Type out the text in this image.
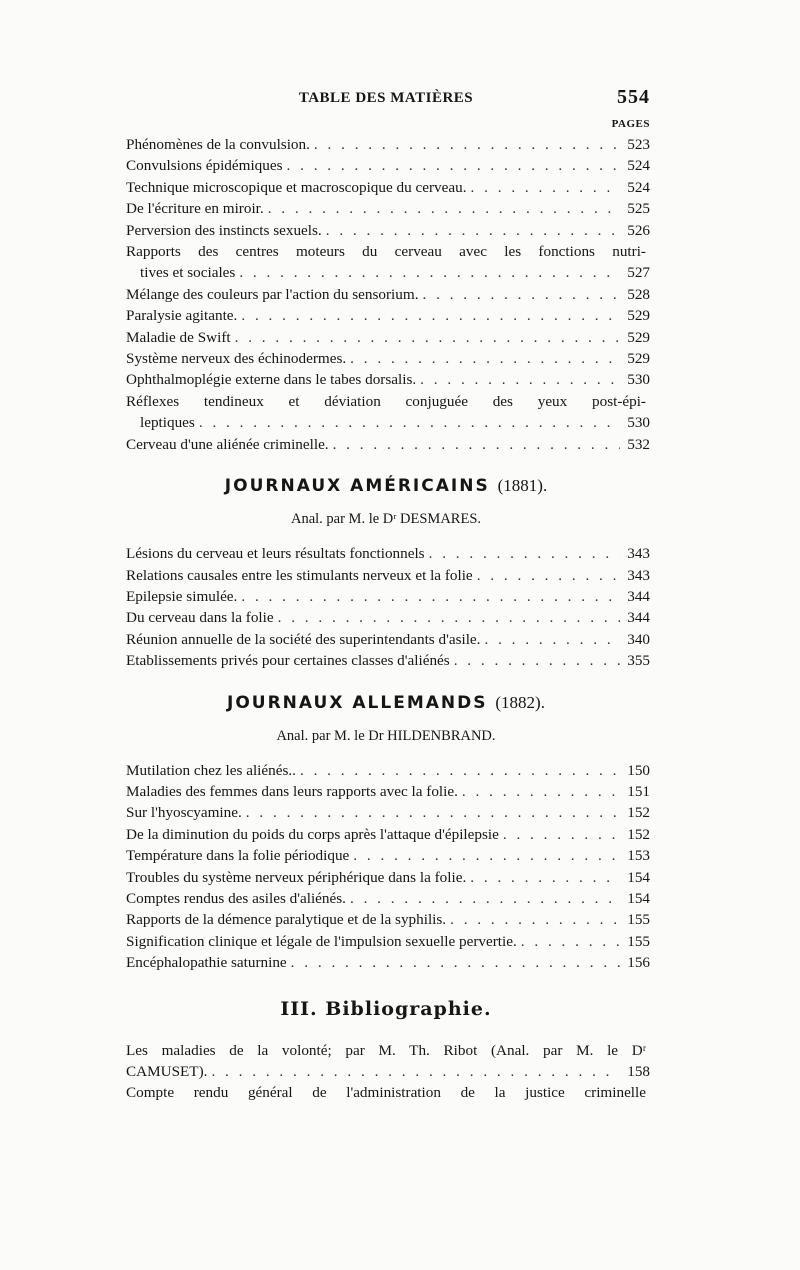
TABLE DES MATIÈRES	554
PAGES
Phénomènes de la convulsion. . . .	523
Convulsions épidémiques . . .	524
Technique microscopique et macroscopique du cerveau. . . .	524
De l'écriture en miroir. . . .	525
Perversion des instincts sexuels. . . .	526
Rapports des centres moteurs du cerveau avec les fonctions nutri-
tives et sociales . . .	527
Mélange des couleurs par l'action du sensorium. . . .	528
Paralysie agitante. . . .	529
Maladie de Swift . . .	529
Système nerveux des échinodermes. . . .	529
Ophthalmoplégie externe dans le tabes dorsalis. . . .	530
Réflexes tendineux et déviation conjuguée des yeux post-épi-
leptiques . . .	530
Cerveau d'une aliénée criminelle. . . .	532
JOURNAUX AMÉRICAINS (1881).
Anal. par M. le Dʳ DESMARES.
Lésions du cerveau et leurs résultats fonctionnels . . .	343
Relations causales entre les stimulants nerveux et la folie . . .	343
Epilepsie simulée. . . .	344
Du cerveau dans la folie . . .	344
Réunion annuelle de la société des superintendants d'asile. . . .	340
Etablissements privés pour certaines classes d'aliénés . . .	355
JOURNAUX ALLEMANDS (1882).
Anal. par M. le Dr HILDENBRAND.
Mutilation chez les aliénés.. . . .	150
Maladies des femmes dans leurs rapports avec la folie. . . .	151
Sur l'hyoscyamine. . . .	152
De la diminution du poids du corps après l'attaque d'épilepsie . . .	152
Température dans la folie périodique . . .	153
Troubles du système nerveux périphérique dans la folie. . . .	154
Comptes rendus des asiles d'aliénés. . . .	154
Rapports de la démence paralytique et de la syphilis. . . .	155
Signification clinique et légale de l'impulsion sexuelle pervertie. . . .	155
Encéphalopathie saturnine . . .	156
III. Bibliographie.
Les maladies de la volonté; par M. Th. Ribot (Anal. par M. le Dʳ
CAMUSET). . . .	158
Compte rendu général de l'administration de la justice criminelle
